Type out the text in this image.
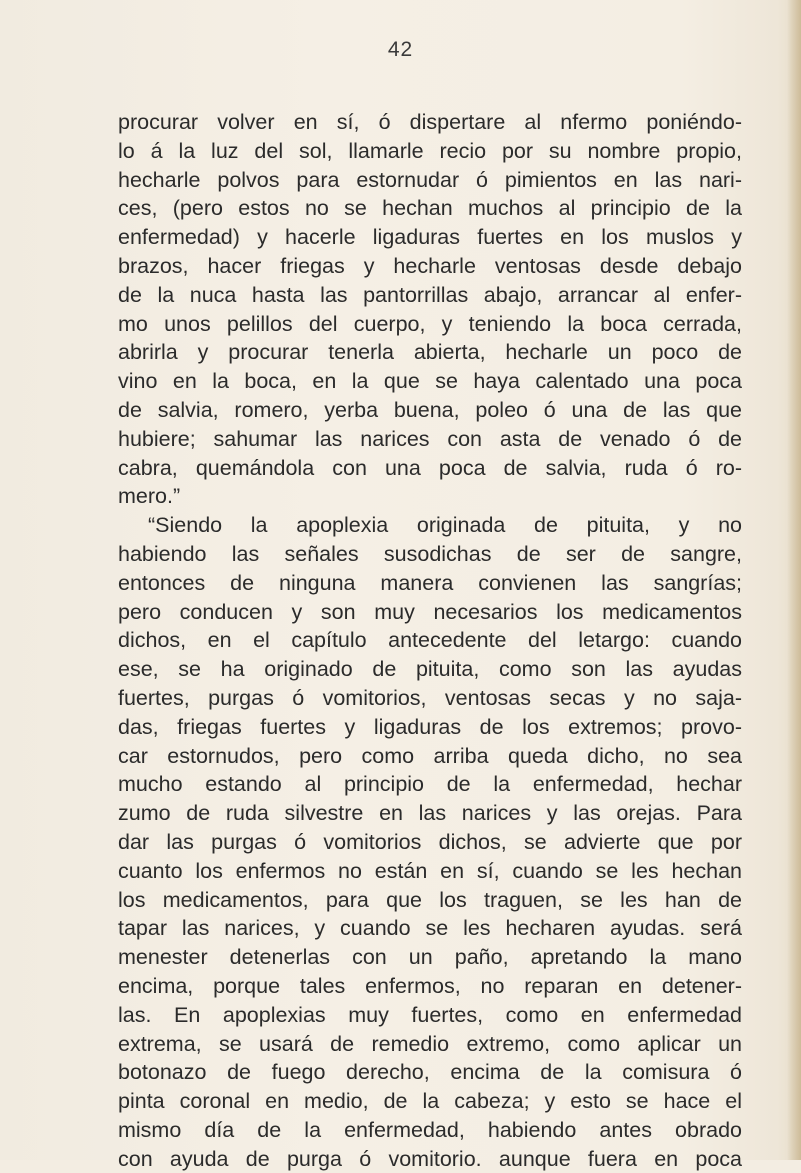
42
procurar volver en sí, ó dispertare al nfermo poniéndo-
lo á la luz del sol, llamarle recio por su nombre propio,
hecharle polvos para estornudar ó pimientos en las nari-
ces, (pero estos no se hechan muchos al principio de la
enfermedad) y hacerle ligaduras fuertes en los muslos y
brazos, hacer friegas y hecharle ventosas desde debajo
de la nuca hasta las pantorrillas abajo, arrancar al enfer-
mo unos pelillos del cuerpo, y teniendo la boca cerrada,
abrirla y procurar tenerla abierta, hecharle un poco de
vino en la boca, en la que se haya calentado una poca
de salvia, romero, yerba buena, poleo ó una de las que
hubiere; sahumar las narices con asta de venado ó de
cabra, quemándola con una poca de salvia, ruda ó ro-
mero.”
“Siendo la apoplexia originada de pituita, y no
habiendo las señales susodichas de ser de sangre,
entonces de ninguna manera convienen las sangrías;
pero conducen y son muy necesarios los medicamentos
dichos, en el capítulo antecedente del letargo: cuando
ese, se ha originado de pituita, como son las ayudas
fuertes, purgas ó vomitorios, ventosas secas y no saja-
das, friegas fuertes y ligaduras de los extremos; provo-
car estornudos, pero como arriba queda dicho, no sea
mucho estando al principio de la enfermedad, hechar
zumo de ruda silvestre en las narices y las orejas. Para
dar las purgas ó vomitorios dichos, se advierte que por
cuanto los enfermos no están en sí, cuando se les hechan
los medicamentos, para que los traguen, se les han de
tapar las narices, y cuando se les hecharen ayudas. será
menester detenerlas con un paño, apretando la mano
encima, porque tales enfermos, no reparan en detener-
las. En apoplexias muy fuertes, como en enfermedad
extrema, se usará de remedio extremo, como aplicar un
botonazo de fuego derecho, encima de la comisura ó
pinta coronal en medio, de la cabeza; y esto se hace el
mismo día de la enfermedad, habiendo antes obrado
con ayuda de purga ó vomitorio. aunque fuera en poca
